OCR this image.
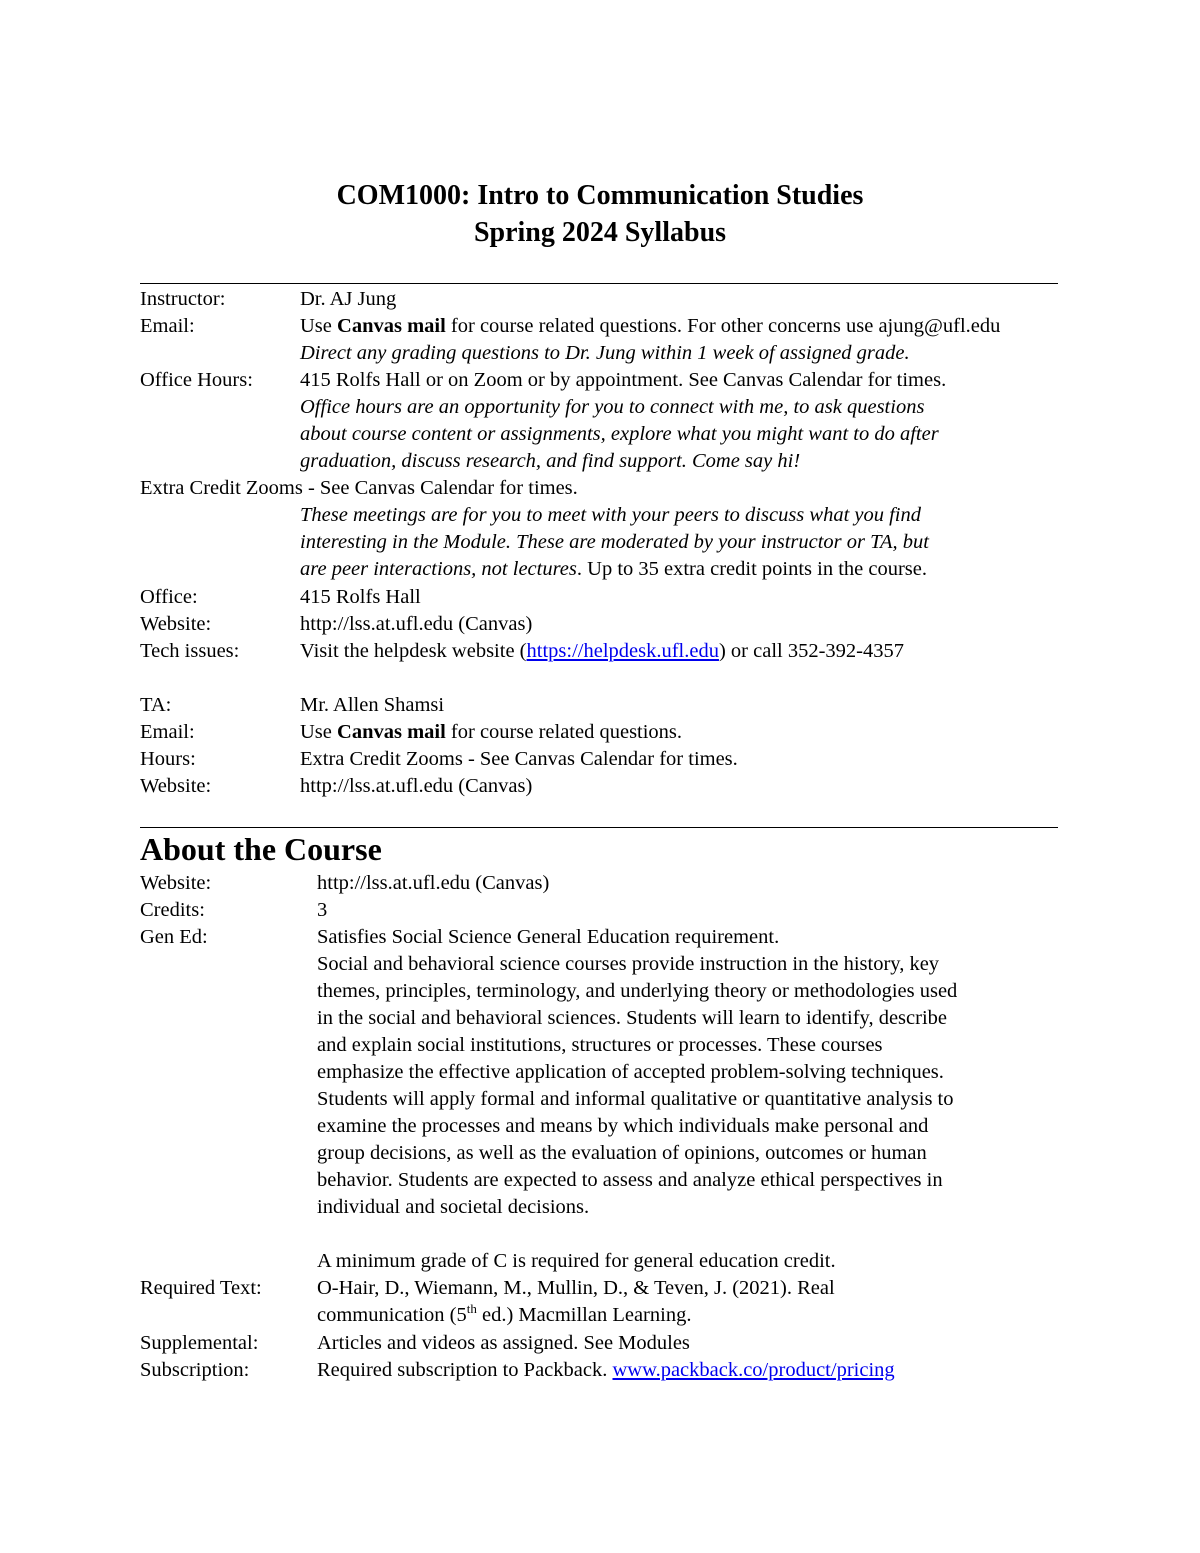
COM1000: Intro to Communication Studies
Spring 2024 Syllabus
Instructor:	Dr. AJ Jung
Email:	Use Canvas mail for course related questions. For other concerns use ajung@ufl.edu
Direct any grading questions to Dr. Jung within 1 week of assigned grade.
Office Hours: 415 Rolfs Hall or on Zoom or by appointment. See Canvas Calendar for times.
Office hours are an opportunity for you to connect with me, to ask questions
about course content or assignments, explore what you might want to do after
graduation, discuss research, and find support. Come say hi!
Extra Credit Zooms - See Canvas Calendar for times.
These meetings are for you to meet with your peers to discuss what you find
interesting in the Module. These are moderated by your instructor or TA, but
are peer interactions, not lectures. Up to 35 extra credit points in the course.
Office:	415 Rolfs Hall
Website:	http://lss.at.ufl.edu (Canvas)
Tech issues:	Visit the helpdesk website (https://helpdesk.ufl.edu) or call 352-392-4357
TA:	Mr. Allen Shamsi
Email:	Use Canvas mail for course related questions.
Hours:	Extra Credit Zooms - See Canvas Calendar for times.
Website:	http://lss.at.ufl.edu (Canvas)
About the Course
Website:	http://lss.at.ufl.edu (Canvas)
Credits:	3
Gen Ed:	Satisfies Social Science General Education requirement.
Social and behavioral science courses provide instruction in the history, key
themes, principles, terminology, and underlying theory or methodologies used
in the social and behavioral sciences. Students will learn to identify, describe
and explain social institutions, structures or processes. These courses
emphasize the effective application of accepted problem-solving techniques.
Students will apply formal and informal qualitative or quantitative analysis to
examine the processes and means by which individuals make personal and
group decisions, as well as the evaluation of opinions, outcomes or human
behavior. Students are expected to assess and analyze ethical perspectives in
individual and societal decisions.
A minimum grade of C is required for general education credit.
Required Text:	O-Hair, D., Wiemann, M., Mullin, D., & Teven, J. (2021). Real
communication (5th ed.) Macmillan Learning.
Supplemental:	Articles and videos as assigned. See Modules
Subscription:	Required subscription to Packback. www.packback.co/product/pricing
